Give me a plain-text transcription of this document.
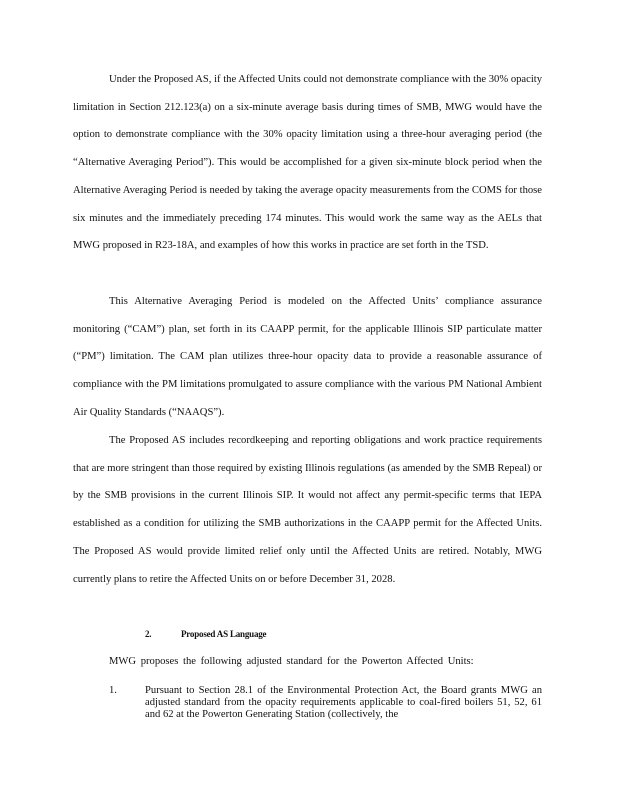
Under the Proposed AS, if the Affected Units could not demonstrate compliance with the 30% opacity limitation in Section 212.123(a) on a six-minute average basis during times of SMB, MWG would have the option to demonstrate compliance with the 30% opacity limitation using a three-hour averaging period (the “Alternative Averaging Period”). This would be accomplished for a given six-minute block period when the Alternative Averaging Period is needed by taking the average opacity measurements from the COMS for those six minutes and the immediately preceding 174 minutes. This would work the same way as the AELs that MWG proposed in R23-18A, and examples of how this works in practice are set forth in the TSD.

This Alternative Averaging Period is modeled on the Affected Units’ compliance assurance monitoring (“CAM”) plan, set forth in its CAAPP permit, for the applicable Illinois SIP particulate matter (“PM”) limitation. The CAM plan utilizes three-hour opacity data to provide a reasonable assurance of compliance with the PM limitations promulgated to assure compliance with the various PM National Ambient Air Quality Standards (“NAAQS”).

The Proposed AS includes recordkeeping and reporting obligations and work practice requirements that are more stringent than those required by existing Illinois regulations (as amended by the SMB Repeal) or by the SMB provisions in the current Illinois SIP. It would not affect any permit-specific terms that IEPA established as a condition for utilizing the SMB authorizations in the CAAPP permit for the Affected Units. The Proposed AS would provide limited relief only until the Affected Units are retired. Notably, MWG currently plans to retire the Affected Units on or before December 31, 2028.

2.	Proposed AS Language

MWG proposes the following adjusted standard for the Powerton Affected Units:

1.	Pursuant to Section 28.1 of the Environmental Protection Act, the Board grants MWG an adjusted standard from the opacity requirements applicable to coal-fired boilers 51, 52, 61 and 62 at the Powerton Generating Station (collectively, the
